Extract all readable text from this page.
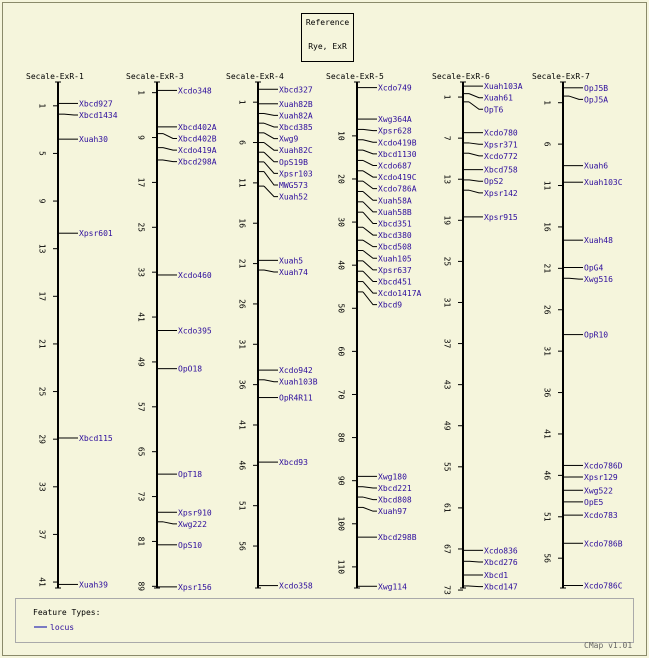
Reference
Rye, ExR
Secale-ExR-1
1
5
9
13
17
21
25
29
33
37
41
Xbcd927
Xbcd1434
Xuah30
Xpsr601
Xbcd115
Xuah39
Secale-ExR-3
1
9
17
25
33
41
49
57
65
73
81
89
Xcdo348
Xbcd402A
Xbcd402B
Xcdo419A
Xbcd298A
Xcdo460
Xcdo395
OpO18
OpT18
Xpsr910
Xwg222
OpS10
Xpsr156
Secale-ExR-4
1
6
11
16
21
26
31
36
41
46
51
56
Xbcd327
Xuah82B
Xuah82A
Xbcd385
Xwg9
Xuah82C
OpS19B
Xpsr103
MWG573
Xuah52
Xuah5
Xuah74
Xcdo942
Xuah103B
OpR4R11
Xbcd93
Xcdo358
Secale-ExR-5
10
20
30
40
50
60
70
80
90
100
110
Xcdo749
Xwg364A
Xpsr628
Xcdo419B
Xbcd1130
Xcdo687
Xcdo419C
Xcdo786A
Xuah58A
Xuah58B
Xbcd351
Xbcd380
Xbcd508
Xuah105
Xpsr637
Xbcd451
Xcdo1417A
Xbcd9
Xwg180
Xbcd221
Xbcd808
Xuah97
Xbcd298B
Xwg114
Secale-ExR-6
1
7
13
19
25
31
37
43
49
55
61
67
73
Xuah103A
Xuah61
OpT6
Xcdo780
Xpsr371
Xcdo772
Xbcd758
OpS2
Xpsr142
Xpsr915
Xcdo836
Xbcd276
Xbcd1
Xbcd147
Secale-ExR-7
1
6
11
16
21
26
31
36
41
46
51
56
OpJ5B
OpJ5A
Xuah6
Xuah103C
Xuah48
OpG4
Xwg516
OpR10
Xcdo786D
Xpsr129
Xwg522
OpE5
Xcdo783
Xcdo786B
Xcdo786C
Feature Types:
locus
CMap v1.01
